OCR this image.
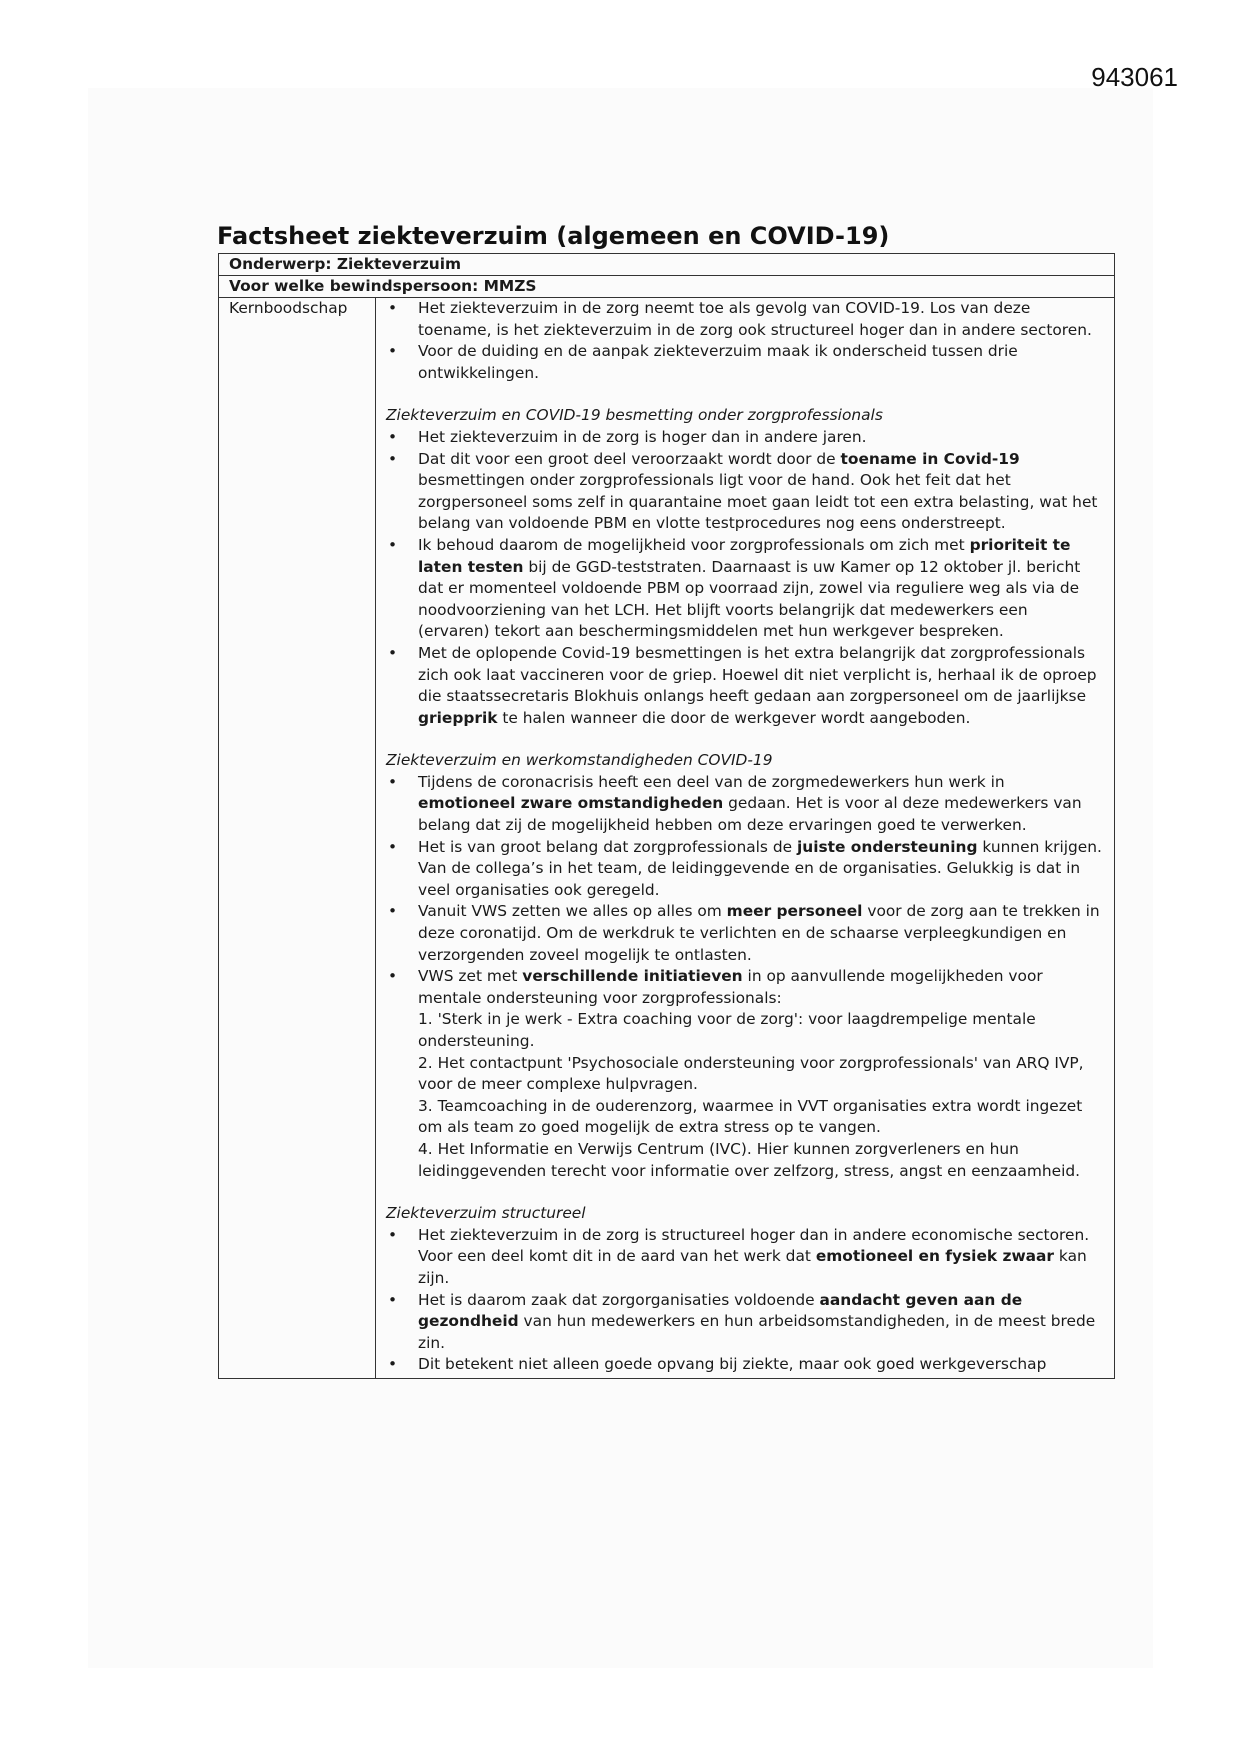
943061
Factsheet ziekteverzuim (algemeen en COVID-19)
Onderwerp: Ziekteverzuim
Voor welke bewindspersoon: MMZS
Kernboodschap	
•Het ziekteverzuim in de zorg neemt toe als gevolg van COVID-19. Los van deze toename, is het ziekteverzuim in de zorg ook structureel hoger dan in andere sectoren.
• Voor de duiding en de aanpak ziekteverzuim maak ik onderscheid tussen drie ontwikkelingen.

Ziekteverzuim en COVID-19 besmetting onder zorgprofessionals

• Het ziekteverzuim in de zorg is hoger dan in andere jaren.
• Dat dit voor een groot deel veroorzaakt wordt door de toename in Covid-19 besmettingen onder zorgprofessionals ligt voor de hand. Ook het feit dat het zorgpersoneel soms zelf in quarantaine moet gaan leidt tot een extra belasting, wat het belang van voldoende PBM en vlotte testprocedures nog eens onderstreept.
• Ik behoud daarom de mogelijkheid voor zorgprofessionals om zich met prioriteit te laten testen bij de GGD-teststraten. Daarnaast is uw Kamer op 12 oktober jl. bericht dat er momenteel voldoende PBM op voorraad zijn, zowel via reguliere weg als via de noodvoorziening van het LCH. Het blijft voorts belangrijk dat medewerkers een (ervaren) tekort aan beschermingsmiddelen met hun werkgever bespreken.
• Met de oplopende Covid-19 besmettingen is het extra belangrijk dat zorgprofessionals zich ook laat vaccineren voor de griep. Hoewel dit niet verplicht is, herhaal ik de oproep die staatssecretaris Blokhuis onlangs heeft gedaan aan zorgpersoneel om de jaarlijkse griepprik te halen wanneer die door de werkgever wordt aangeboden.

Ziekteverzuim en werkomstandigheden COVID-19

• Tijdens de coronacrisis heeft een deel van de zorgmedewerkers hun werk in emotioneel zware omstandigheden gedaan. Het is voor al deze medewerkers van belang dat zij de mogelijkheid hebben om deze ervaringen goed te verwerken.
• Het is van groot belang dat zorgprofessionals de juiste ondersteuning kunnen krijgen. Van de collega’s in het team, de leidinggevende en de organisaties. Gelukkig is dat in veel organisaties ook geregeld.
• Vanuit VWS zetten we alles op alles om meer personeel voor de zorg aan te trekken in deze coronatijd. Om de werkdruk te verlichten en de schaarse verpleegkundigen en verzorgenden zoveel mogelijk te ontlasten.
• VWS zet met verschillende initiatieven in op aanvullende mogelijkheden voor mentale ondersteuning voor zorgprofessionals:
1. 'Sterk in je werk - Extra coaching voor de zorg': voor laagdrempelige mentale ondersteuning.
2. Het contactpunt 'Psychosociale ondersteuning voor zorgprofessionals' van ARQ IVP, voor de meer complexe hulpvragen.
3. Teamcoaching in de ouderenzorg, waarmee in VVT organisaties extra wordt ingezet om als team zo goed mogelijk de extra stress op te vangen.
4. Het Informatie en Verwijs Centrum (IVC). Hier kunnen zorgverleners en hun leidinggevenden terecht voor informatie over zelfzorg, stress, angst en eenzaamheid.

Ziekteverzuim structureel

• Het ziekteverzuim in de zorg is structureel hoger dan in andere economische sectoren. Voor een deel komt dit in de aard van het werk dat emotioneel en fysiek zwaar kan zijn.
• Het is daarom zaak dat zorgorganisaties voldoende aandacht geven aan de gezondheid van hun medewerkers en hun arbeidsomstandigheden, in de meest brede zin.
• Dit betekent niet alleen goede opvang bij ziekte, maar ook goed werkgeverschap
